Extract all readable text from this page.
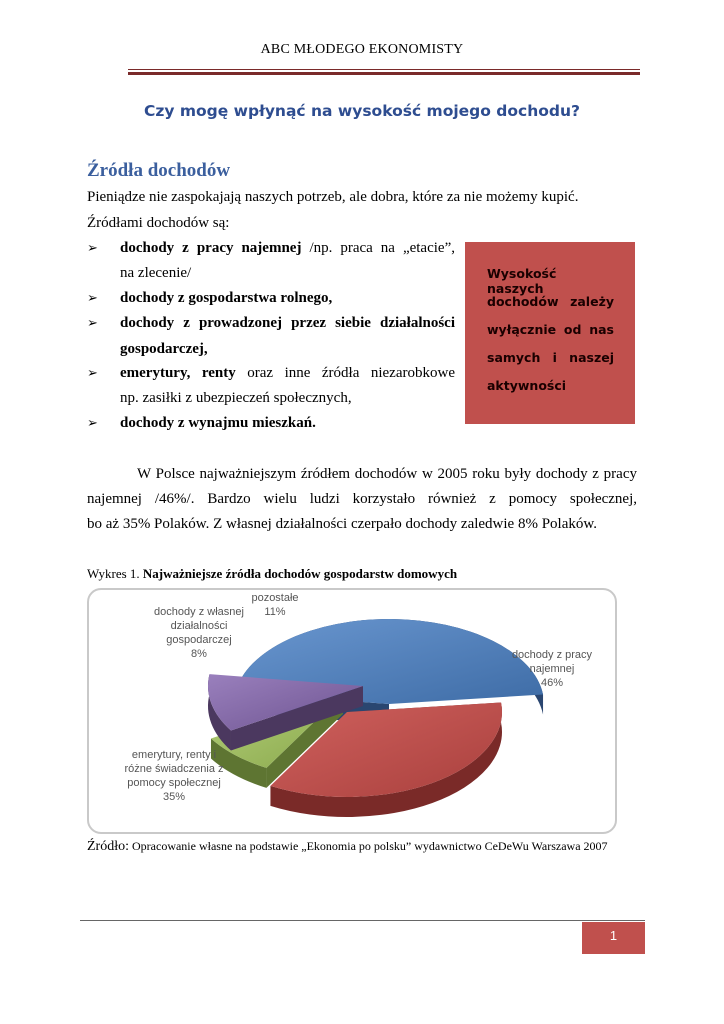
ABC MŁODEGO EKONOMISTY
Czy mogę wpłynąć na wysokość mojego dochodu?
Źródła dochodów
Pieniądze nie zaspokajają naszych potrzeb, ale dobra, które za nie możemy kupić.
Źródłami dochodów są:
➢ dochody z pracy najemnej /np. praca na „etacie”,
na zlecenie/
➢ dochody z gospodarstwa rolnego,
➢ dochody z prowadzonej przez siebie działalności
gospodarczej,
➢ emerytury, renty oraz inne źródła niezarobkowe
np. zasiłki z ubezpieczeń społecznych,
➢ dochody z wynajmu mieszkań.
Wysokość naszych
dochodów zależy
wyłącznie od nas
samych i naszej
aktywności
W Polsce najważniejszym źródłem dochodów w 2005 roku były dochody z pracy
najemnej /46%/. Bardzo wielu ludzi korzystało również z pomocy społecznej,
bo aż 35% Polaków. Z własnej działalności czerpało dochody zaledwie 8% Polaków.
Wykres 1. Najważniejsze źródła dochodów gospodarstw domowych
dochody z pracy
najemnej
46%
emerytury, renty i
różne świadczenia z
pomocy społecznej
35%
dochody z własnej
działalności
gospodarczej
8%
pozostałe
11%
Źródło: Opracowanie własne na podstawie „Ekonomia po polsku” wydawnictwo CeDeWu Warszawa 2007
1
